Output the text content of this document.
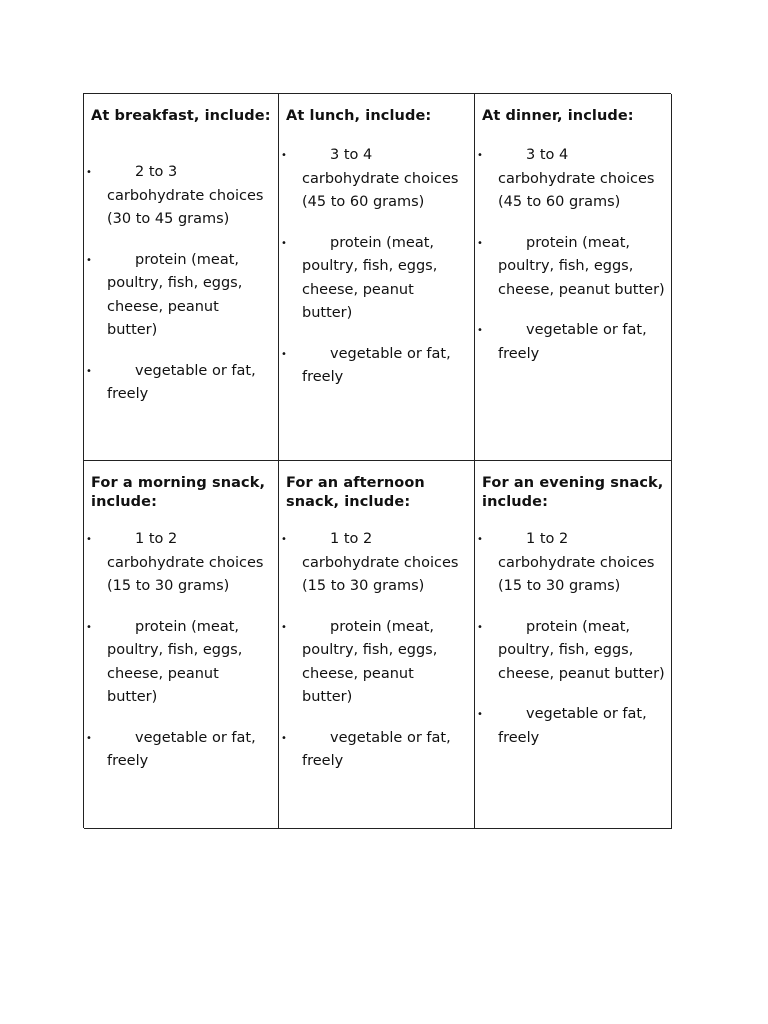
At breakfast, include:
•	2 to 3 carbohydrate choices (30 to 45 grams)
•	protein (meat, poultry, fish, eggs, cheese, peanut butter)
•	vegetable or fat, freely
At lunch, include:
•	3 to 4 carbohydrate choices (45 to 60 grams)
•	protein (meat, poultry, fish, eggs, cheese, peanut butter)
•	vegetable or fat, freely
At dinner, include:
•	3 to 4 carbohydrate choices (45 to 60 grams)
•	protein (meat, poultry, fish, eggs, cheese, peanut butter)
•	vegetable or fat, freely
For a morning snack, include:
•	1 to 2 carbohydrate choices (15 to 30 grams)
•	protein (meat, poultry, fish, eggs, cheese, peanut butter)
•	vegetable or fat, freely
For an afternoon snack, include:
•	1 to 2 carbohydrate choices (15 to 30 grams)
•	protein (meat, poultry, fish, eggs, cheese, peanut butter)
•	vegetable or fat, freely
For an evening snack, include:
•	1 to 2 carbohydrate choices (15 to 30 grams)
•	protein (meat, poultry, fish, eggs, cheese, peanut butter)
•	vegetable or fat, freely
